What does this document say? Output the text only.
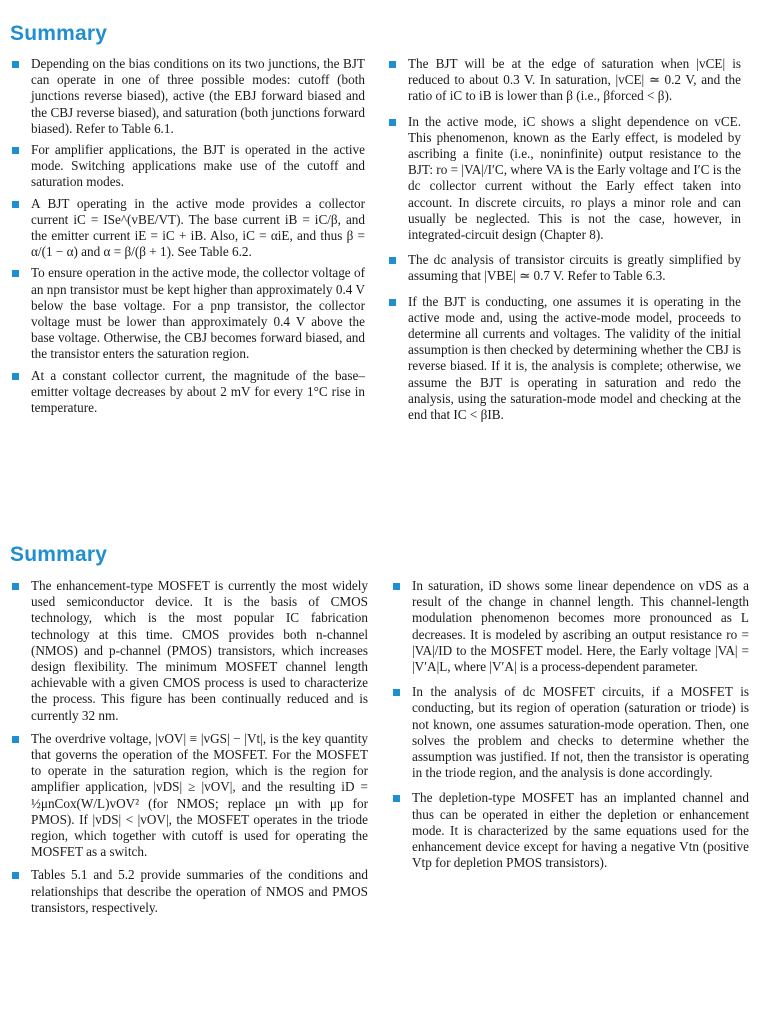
Summary
Depending on the bias conditions on its two junctions, the BJT can operate in one of three possible modes: cutoff (both junctions reverse biased), active (the EBJ forward biased and the CBJ reverse biased), and saturation (both junctions forward biased). Refer to Table 6.1.
For amplifier applications, the BJT is operated in the active mode. Switching applications make use of the cutoff and saturation modes.
A BJT operating in the active mode provides a collector current iC = ISe^(vBE/VT). The base current iB = iC/β, and the emitter current iE = iC + iB. Also, iC = αiE, and thus β = α/(1 − α) and α = β/(β + 1). See Table 6.2.
To ensure operation in the active mode, the collector voltage of an npn transistor must be kept higher than approximately 0.4 V below the base voltage. For a pnp transistor, the collector voltage must be lower than approximately 0.4 V above the base voltage. Otherwise, the CBJ becomes forward biased, and the transistor enters the saturation region.
At a constant collector current, the magnitude of the base–emitter voltage decreases by about 2 mV for every 1°C rise in temperature.
The BJT will be at the edge of saturation when |vCE| is reduced to about 0.3 V. In saturation, |vCE| ≃ 0.2 V, and the ratio of iC to iB is lower than β (i.e., βforced < β).
In the active mode, iC shows a slight dependence on vCE. This phenomenon, known as the Early effect, is modeled by ascribing a finite (i.e., noninfinite) output resistance to the BJT: ro = |VA|/I′C, where VA is the Early voltage and I′C is the dc collector current without the Early effect taken into account. In discrete circuits, ro plays a minor role and can usually be neglected. This is not the case, however, in integrated-circuit design (Chapter 8).
The dc analysis of transistor circuits is greatly simplified by assuming that |VBE| ≃ 0.7 V. Refer to Table 6.3.
If the BJT is conducting, one assumes it is operating in the active mode and, using the active-mode model, proceeds to determine all currents and voltages. The validity of the initial assumption is then checked by determining whether the CBJ is reverse biased. If it is, the analysis is complete; otherwise, we assume the BJT is operating in saturation and redo the analysis, using the saturation-mode model and checking at the end that IC < βIB.
Summary
The enhancement-type MOSFET is currently the most widely used semiconductor device. It is the basis of CMOS technology, which is the most popular IC fabrication technology at this time. CMOS provides both n-channel (NMOS) and p-channel (PMOS) transistors, which increases design flexibility. The minimum MOSFET channel length achievable with a given CMOS process is used to characterize the process. This figure has been continually reduced and is currently 32 nm.
The overdrive voltage, |vOV| ≡ |vGS| − |Vt|, is the key quantity that governs the operation of the MOSFET. For the MOSFET to operate in the saturation region, which is the region for amplifier application, |vDS| ≥ |vOV|, and the resulting iD = ½μnCox(W/L)vOV² (for NMOS; replace μn with μp for PMOS). If |vDS| < |vOV|, the MOSFET operates in the triode region, which together with cutoff is used for operating the MOSFET as a switch.
Tables 5.1 and 5.2 provide summaries of the conditions and relationships that describe the operation of NMOS and PMOS transistors, respectively.
In saturation, iD shows some linear dependence on vDS as a result of the change in channel length. This channel-length modulation phenomenon becomes more pronounced as L decreases. It is modeled by ascribing an output resistance ro = |VA|/ID to the MOSFET model. Here, the Early voltage |VA| = |V′A|L, where |V′A| is a process-dependent parameter.
In the analysis of dc MOSFET circuits, if a MOSFET is conducting, but its region of operation (saturation or triode) is not known, one assumes saturation-mode operation. Then, one solves the problem and checks to determine whether the assumption was justified. If not, then the transistor is operating in the triode region, and the analysis is done accordingly.
The depletion-type MOSFET has an implanted channel and thus can be operated in either the depletion or enhancement mode. It is characterized by the same equations used for the enhancement device except for having a negative Vtn (positive Vtp for depletion PMOS transistors).
